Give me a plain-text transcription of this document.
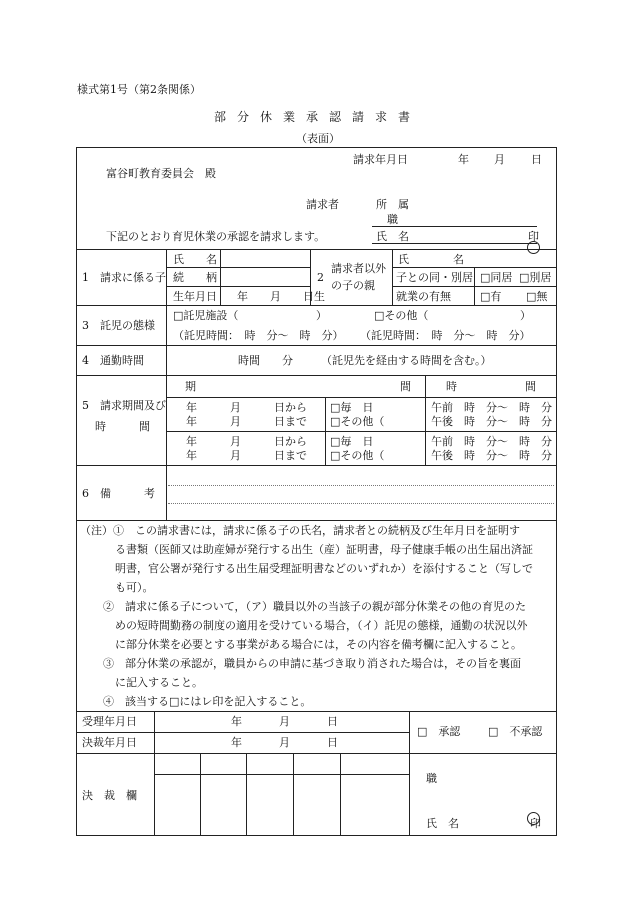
様式第1号（第2条関係）
部分休業承認請求書
（表面）
請求年月日	年 月 日
富谷町教育委員会　殿
請求者	所　属
職
氏　名	印
下記のとおり育児休業の承認を請求します。
1　請求に係る子
氏　　名
続　　柄
生年月日 年　　月　　日生
2
請求者以外
の子の親
氏　　　　名
子との同・別居 □同居 □別居
就業の有無	□有 □無
3　託児の態様
□託児施設（	）	□その他（	）
（託児時間：　時　分～　時　分） （託児時間：　時　分～　時　分）
4　通勤時間	時間　　分	（託児先を経由する時間を含む。）
5　請求期間及び
時　　　間
期	間	時	間
年　　　月　　　日から □毎　日	午前　時　分～　時　分
年　　　月　　　日まで □その他（	午後　時　分～　時　分
年　　　月　　　日から □毎　日	午前　時　分～　時　分
年　　　月　　　日まで □その他（	午後　時　分～　時　分
6　備　　　考
（注）①　この請求書には，請求に係る子の氏名，請求者との続柄及び生年月日を証明す
る書類（医師又は助産婦が発行する出生（産）証明書，母子健康手帳の出生届出済証
明書，官公署が発行する出生届受理証明書などのいずれか）を添付すること（写しで
も可）。
②　請求に係る子について，（ア）職員以外の当該子の親が部分休業その他の育児のた
めの短時間勤務の制度の適用を受けている場合，（イ）託児の態様，通勤の状況以外
に部分休業を必要とする事業がある場合には，その内容を備考欄に記入すること。
③　部分休業の承認が，職員からの申請に基づき取り消された場合は，その旨を裏面
に記入すること。
④　該当する□にはレ印を記入すること。
受理年月日	年	月	日
決裁年月日	年	月	日
□　承認	□　不承認
決　裁　欄
職
氏　名	印
